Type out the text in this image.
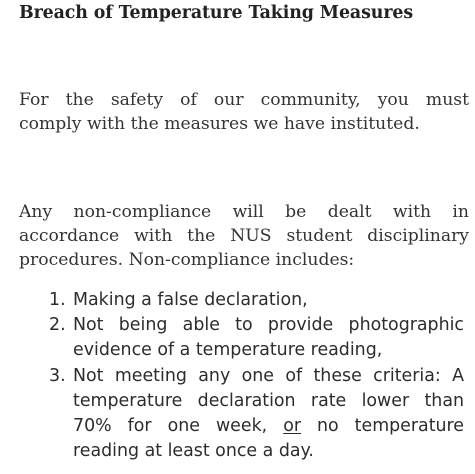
Breach of Temperature Taking Measures

For the safety of our community, you must
comply with the measures we have instituted.

Any non-compliance will be dealt with in
accordance with the NUS student disciplinary
procedures. Non-compliance includes:

1. Making a false declaration,
2. Not being able to provide photographic
evidence of a temperature reading,
3. Not meeting any one of these criteria: A
temperature declaration rate lower than
70% for one week, or no temperature
reading at least once a day.
